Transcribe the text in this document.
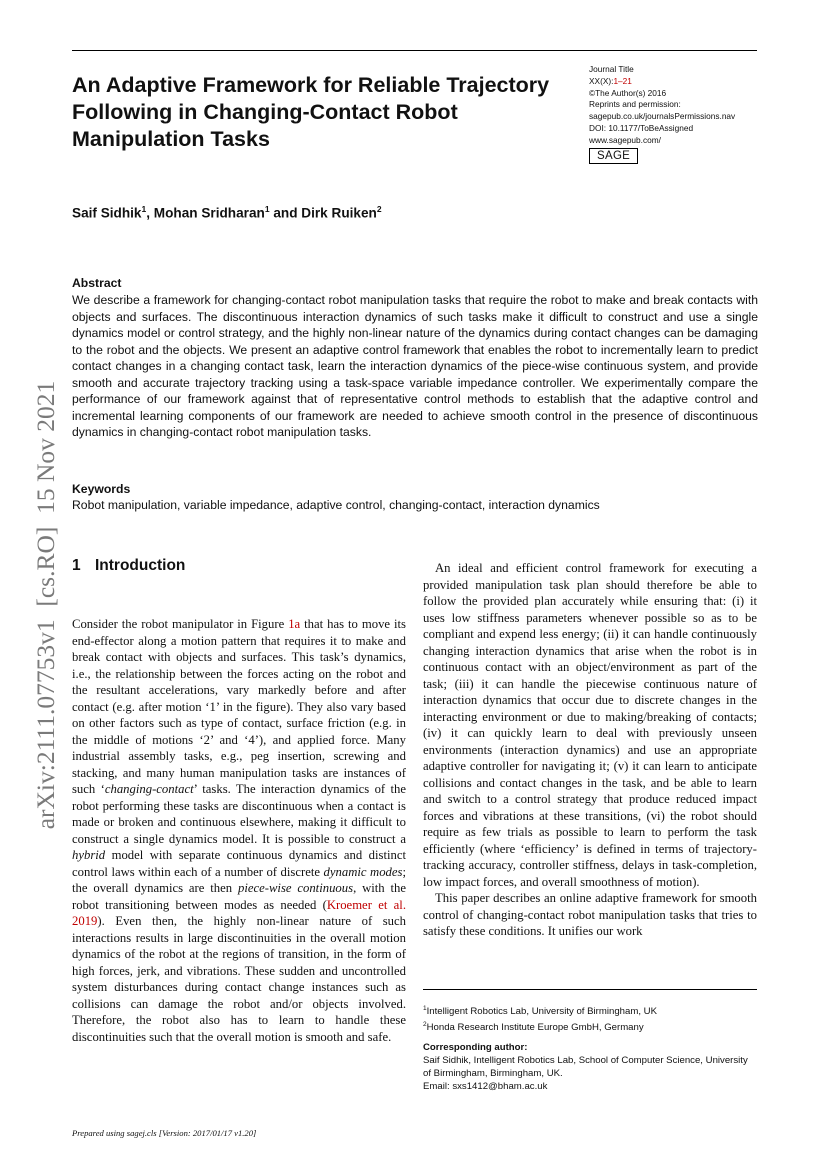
An Adaptive Framework for Reliable Trajectory Following in Changing-Contact Robot Manipulation Tasks
Journal Title
XX(X):1–21
©The Author(s) 2016
Reprints and permission:
sagepub.co.uk/journalsPermissions.nav
DOI: 10.1177/ToBeAssigned
www.sagepub.com/
SAGE
Saif Sidhik$^1$, Mohan Sridharan$^1$ and Dirk Ruiken$^2$
Abstract

We describe a framework for changing-contact robot manipulation tasks that require the robot to make and break contacts with objects and surfaces. The discontinuous interaction dynamics of such tasks make it difficult to construct and use a single dynamics model or control strategy, and the highly non-linear nature of the dynamics during contact changes can be damaging to the robot and the objects. We present an adaptive control framework that enables the robot to incrementally learn to predict contact changes in a changing contact task, learn the interaction dynamics of the piece-wise continuous system, and provide smooth and accurate trajectory tracking using a task-space variable impedance controller. We experimentally compare the performance of our framework against that of representative control methods to establish that the adaptive control and incremental learning components of our framework are needed to achieve smooth control in the presence of discontinuous dynamics in changing-contact robot manipulation tasks.

Keywords
Robot manipulation, variable impedance, adaptive control, changing-contact, interaction dynamics
1 Introduction

Consider the robot manipulator in Figure 1a that has to move its end-effector along a motion pattern that requires it to make and break contact with objects and surfaces. This task’s dynamics, i.e., the relationship between the forces acting on the robot and the resultant accelerations, vary markedly before and after contact (e.g. after motion ‘1’ in the figure). They also vary based on other factors such as type of contact, surface friction (e.g. in the middle of motions ‘2’ and ‘4’), and applied force. Many industrial assembly tasks, e.g., peg insertion, screwing and stacking, and many human manipulation tasks are instances of such ‘changing-contact’ tasks. The interaction dynamics of the robot performing these tasks are discontinuous when a contact is made or broken and continuous elsewhere, making it difficult to construct a single dynamics model. It is possible to construct a hybrid model with separate continuous dynamics and distinct control laws within each of a number of discrete dynamic modes; the overall dynamics are then piece-wise continuous, with the robot transitioning between modes as needed (Kroemer et al. 2019). Even then, the highly non-linear nature of such interactions results in large discontinuities in the overall motion dynamics of the robot at the regions of transition, in the form of high forces, jerk, and vibrations. These sudden and uncontrolled system disturbances during contact change instances such as collisions can damage the robot and/or objects involved. Therefore, the robot also has to learn to handle these discontinuities such that the overall motion is smooth and safe.

An ideal and efficient control framework for executing a provided manipulation task plan should therefore be able to follow the provided plan accurately while ensuring that: (i) it uses low stiffness parameters whenever possible so as to be compliant and expend less energy; (ii) it can handle continuously changing interaction dynamics that arise when the robot is in continuous contact with an object/environment as part of the task; (iii) it can handle the piecewise continuous nature of interaction dynamics that occur due to discrete changes in the interacting environment or due to making/breaking of contacts; (iv) it can quickly learn to deal with previously unseen environments (interaction dynamics) and use an appropriate adaptive controller for navigating it; (v) it can learn to anticipate collisions and contact changes in the task, and be able to learn and switch to a control strategy that produce reduced impact forces and vibrations at these transitions, (vi) the robot should require as few trials as possible to learn to perform the task efficiently (where ‘efficiency’ is defined in terms of trajectory-tracking accuracy, controller stiffness, delays in task-completion, low impact forces, and overall smoothness of motion).

This paper describes an online adaptive framework for smooth control of changing-contact robot manipulation tasks that tries to satisfy these conditions. It unifies our work

$^1$Intelligent Robotics Lab, University of Birmingham, UK
$^2$Honda Research Institute Europe GmbH, Germany
Corresponding author:
Saif Sidhik, Intelligent Robotics Lab, School of Computer Science, University of Birmingham, Birmingham, UK.
Email: sxs1412@bham.ac.uk
Prepared using sagej.cls [Version: 2017/01/17 v1.20]
arXiv:2111.07753v1  [cs.RO]  15 Nov 2021
